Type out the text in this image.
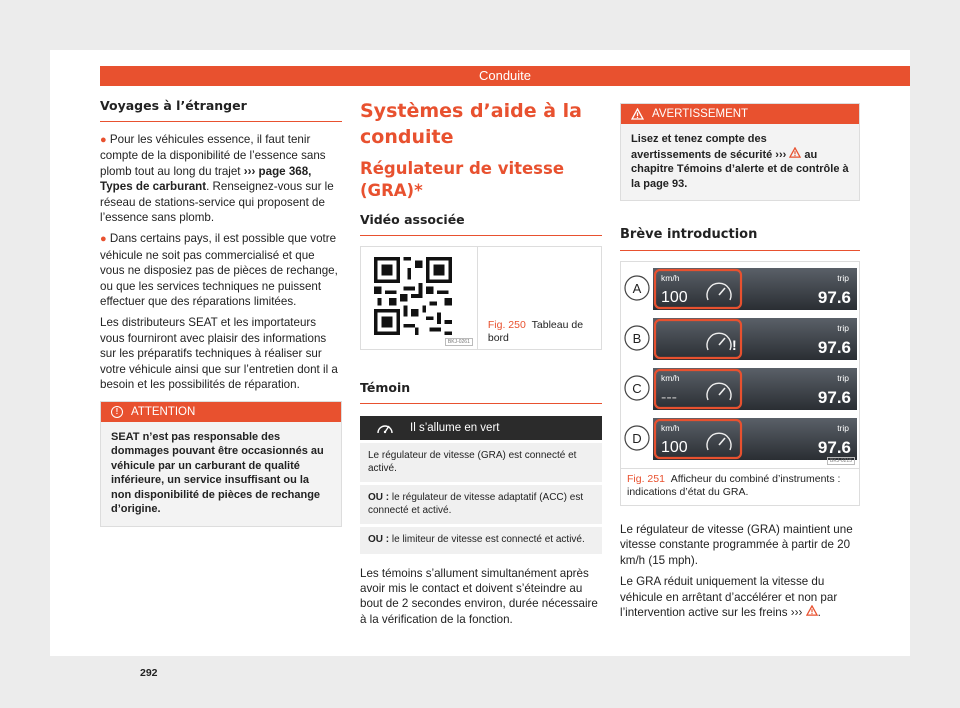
Conduite
Voyages à l’étranger

● Pour les véhicules essence, il faut tenir compte de la disponibilité de l’essence sans plomb tout au long du trajet ››› page 368, Types de carburant. Renseignez-vous sur le réseau de stations-service qui proposent de l’essence sans plomb.

● Dans certains pays, il est possible que votre véhicule ne soit pas commercialisé et que vous ne disposiez pas de pièces de rechange, ou que les services techniques ne puissent effectuer que des réparations limitées.

Les distributeurs SEAT et les importateurs vous fourniront avec plaisir des informations sur les préparatifs techniques à réaliser sur votre véhicule ainsi que sur l’entretien dont il a besoin et les possibilités de réparation.

!	ATTENTION
SEAT n’est pas responsable des dommages pouvant être occasionnés au véhicule par un carburant de qualité inférieure, un service insuffisant ou la non disponibilité de pièces de rechange d’origine.
Systèmes d’aide à la conduite
Régulateur de vitesse (GRA)*
Vidéo associée
BKJ-0261
Fig. 250 Tableau de bord
Témoin
Il s’allume en vert
Le régulateur de vitesse (GRA) est connecté et activé.
OU : le régulateur de vitesse adaptatif (ACC) est connecté et activé.
OU : le limiteur de vitesse est connecté et activé.

Les témoins s’allument simultanément après avoir mis le contact et doivent s’éteindre au bout de 2 secondes environ, durée nécessaire à la vérification de la fonction.

AVERTISSEMENT
Lisez et tenez compte des avertissements de sécurité ›››  au chapitre Témoins d’alerte et de contrôle à la page 93.
Brève introduction
A
km/h
100
trip
97.6
B	!
trip
97.6
C
km/h
---
trip
97.6
D
km/h
100
trip
97.6
BKJ-0215
Fig. 251 Afficheur du combiné d’instruments : indications d’état du GRA.

Le régulateur de vitesse (GRA) maintient une vitesse constante programmée à partir de 20 km/h (15 mph).

Le GRA réduit uniquement la vitesse du véhicule en arrêtant d’accélérer et non par l’intervention active sur les freins ››› .

292
